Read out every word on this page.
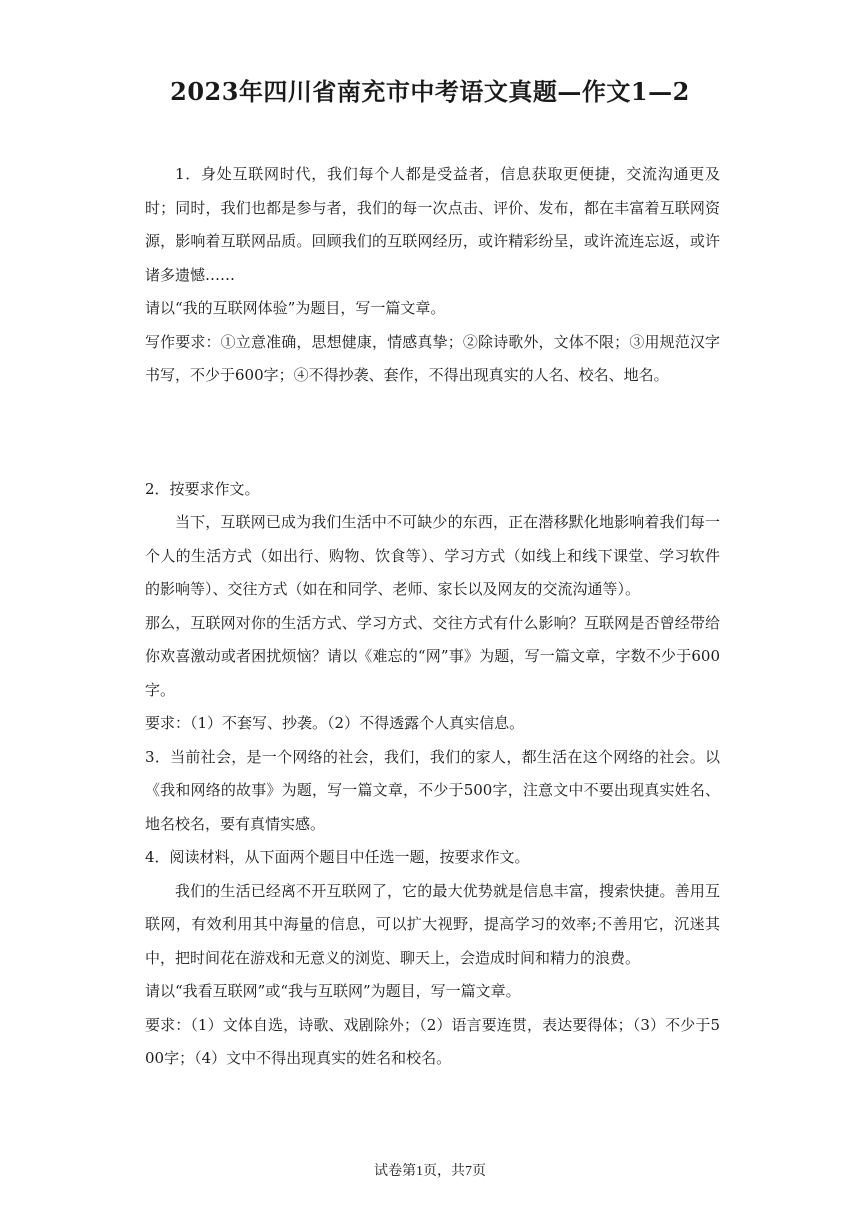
2023年四川省南充市中考语文真题—作文1—2

1．身处互联网时代，我们每个人都是受益者，信息获取更便捷，交流沟通更及时；同时，我们也都是参与者，我们的每一次点击、评价、发布，都在丰富着互联网资源，影响着互联网品质。回顾我们的互联网经历，或许精彩纷呈，或许流连忘返，或许诸多遗憾……

请以“我的互联网体验”为题目，写一篇文章。

写作要求：①立意准确，思想健康，情感真挚；②除诗歌外，文体不限；③用规范汉字书写，不少于600字；④不得抄袭、套作，不得出现真实的人名、校名、地名。

2．按要求作文。

当下，互联网已成为我们生活中不可缺少的东西，正在潜移默化地影响着我们每一个人的生活方式（如出行、购物、饮食等）、学习方式（如线上和线下课堂、学习软件的影响等）、交往方式（如在和同学、老师、家长以及网友的交流沟通等）。

那么，互联网对你的生活方式、学习方式、交往方式有什么影响？互联网是否曾经带给你欢喜激动或者困扰烦恼？请以《难忘的“网”事》为题，写一篇文章，字数不少于600字。

要求：（1）不套写、抄袭。（2）不得透露个人真实信息。

3．当前社会，是一个网络的社会，我们，我们的家人，都生活在这个网络的社会。以《我和网络的故事》为题，写一篇文章，不少于500字，注意文中不要出现真实姓名、地名校名，要有真情实感。

4．阅读材料，从下面两个题目中任选一题，按要求作文。

我们的生活已经离不开互联网了，它的最大优势就是信息丰富，搜索快捷。善用互联网，有效利用其中海量的信息，可以扩大视野，提高学习的效率;不善用它，沉迷其中，把时间花在游戏和无意义的浏览、聊天上，会造成时间和精力的浪费。

请以“我看互联网”或“我与互联网”为题目，写一篇文章。

要求：（1）文体自选，诗歌、戏剧除外；（2）语言要连贯，表达要得体；（3）不少于500字；（4）文中不得出现真实的姓名和校名。

试卷第1页，共7页
